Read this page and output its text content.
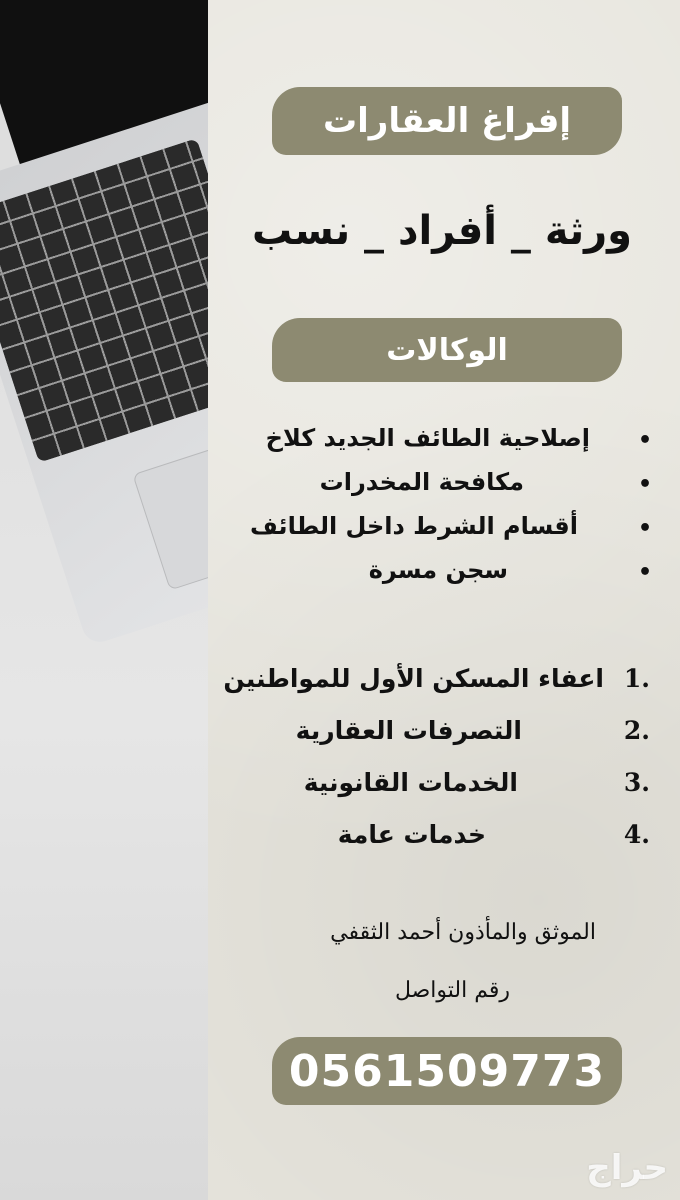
إفراغ العقارات
ورثة _ أفراد _ نسب
الوكالات
•
إصلاحية الطائف الجديد كلاخ
•
مكافحة المخدرات
•
أقسام الشرط داخل الطائف
•
سجن مسرة
1.
اعفاء المسكن الأول للمواطنين
2.
التصرفات العقارية
3.
الخدمات القانونية
4.
خدمات عامة
الموثق والمأذون أحمد الثقفي
رقم التواصل
0561509773
حراج
